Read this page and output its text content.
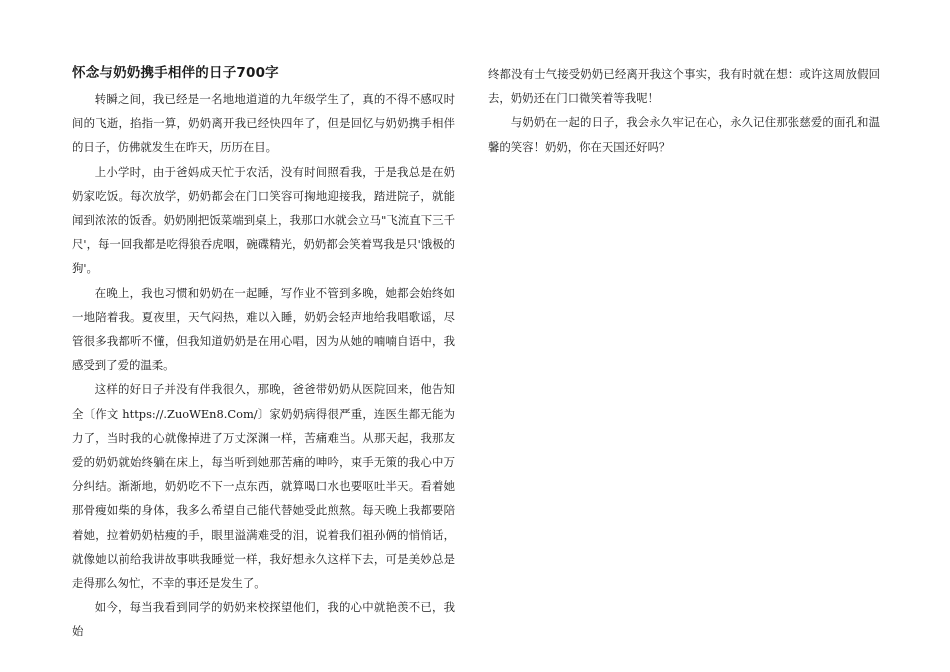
怀念与奶奶携手相伴的日子700字

转瞬之间，我已经是一名地地道道的九年级学生了，真的不得不感叹时间的飞逝，掐指一算，奶奶离开我已经快四年了，但是回忆与奶奶携手相伴的日子，仿佛就发生在昨天，历历在目。

上小学时，由于爸妈成天忙于农活，没有时间照看我，于是我总是在奶奶家吃饭。每次放学，奶奶都会在门口笑容可掬地迎接我，踏进院子，就能闻到浓浓的饭香。奶奶刚把饭菜端到桌上，我那口水就会立马"飞流直下三千尺'，每一回我都是吃得狼吞虎咽，碗碟精光，奶奶都会笑着骂我是只'饿极的狗'。

在晚上，我也习惯和奶奶在一起睡，写作业不管到多晚，她都会始终如一地陪着我。夏夜里，天气闷热，难以入睡，奶奶会轻声地给我唱歌谣，尽管很多我都听不懂，但我知道奶奶是在用心唱，因为从她的喃喃自语中，我感受到了爱的温柔。

这样的好日子并没有伴我很久，那晚，爸爸带奶奶从医院回来，他告知全〔作文 https://.ZuoWEn8.Com/〕家奶奶病得很严重，连医生都无能为力了，当时我的心就像掉进了万丈深渊一样，苦痛难当。从那天起，我那友爱的奶奶就始终躺在床上，每当听到她那苦痛的呻吟，束手无策的我心中万分纠结。渐渐地，奶奶吃不下一点东西，就算喝口水也要呕吐半天。看着她那骨瘦如柴的身体，我多么希望自己能代替她受此煎熬。每天晚上我都要陪着她，拉着奶奶枯瘦的手，眼里溢满难受的泪，说着我们祖孙俩的悄悄话，就像她以前给我讲故事哄我睡觉一样，我好想永久这样下去，可是美妙总是走得那么匆忙，不幸的事还是发生了。

如今，每当我看到同学的奶奶来校探望他们，我的心中就艳羡不已，我始

终都没有士气接受奶奶已经离开我这个事实，我有时就在想：或许这周放假回去，奶奶还在门口微笑着等我呢！

与奶奶在一起的日子，我会永久牢记在心，永久记住那张慈爱的面孔和温馨的笑容！奶奶，你在天国还好吗？
